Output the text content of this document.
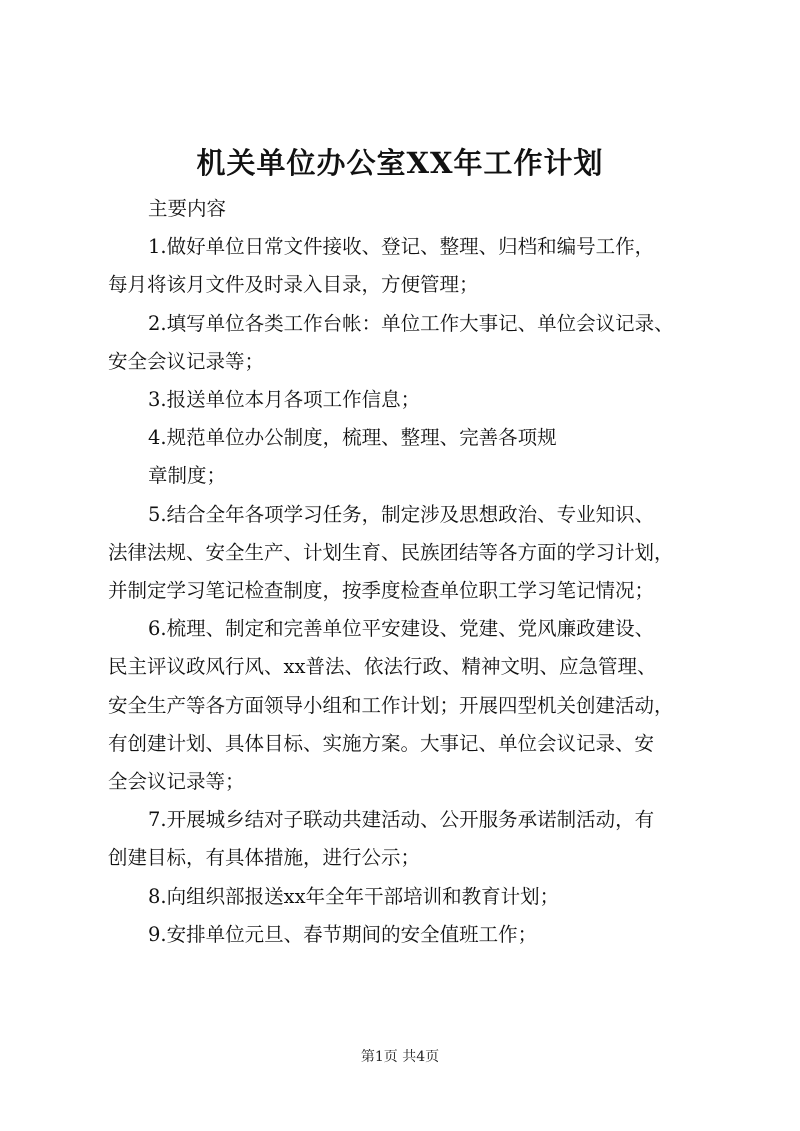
机关单位办公室XX年工作计划

主要内容

1.做好单位日常文件接收、登记、整理、归档和编号工作，
每月将该月文件及时录入目录，方便管理；

2.填写单位各类工作台帐：单位工作大事记、单位会议记录、
安全会议记录等；

3.报送单位本月各项工作信息；

4.规范单位办公制度，梳理、整理、完善各项规

章制度；

5.结合全年各项学习任务，制定涉及思想政治、专业知识、
法律法规、安全生产、计划生育、民族团结等各方面的学习计划，
并制定学习笔记检查制度，按季度检查单位职工学习笔记情况；

6.梳理、制定和完善单位平安建设、党建、党风廉政建设、
民主评议政风行风、xx普法、依法行政、精神文明、应急管理、
安全生产等各方面领导小组和工作计划；开展四型机关创建活动，
有创建计划、具体目标、实施方案。大事记、单位会议记录、安
全会议记录等；

7.开展城乡结对子联动共建活动、公开服务承诺制活动，有
创建目标，有具体措施，进行公示；

8.向组织部报送xx年全年干部培训和教育计划；

9.安排单位元旦、春节期间的安全值班工作；

第1页 共4页
